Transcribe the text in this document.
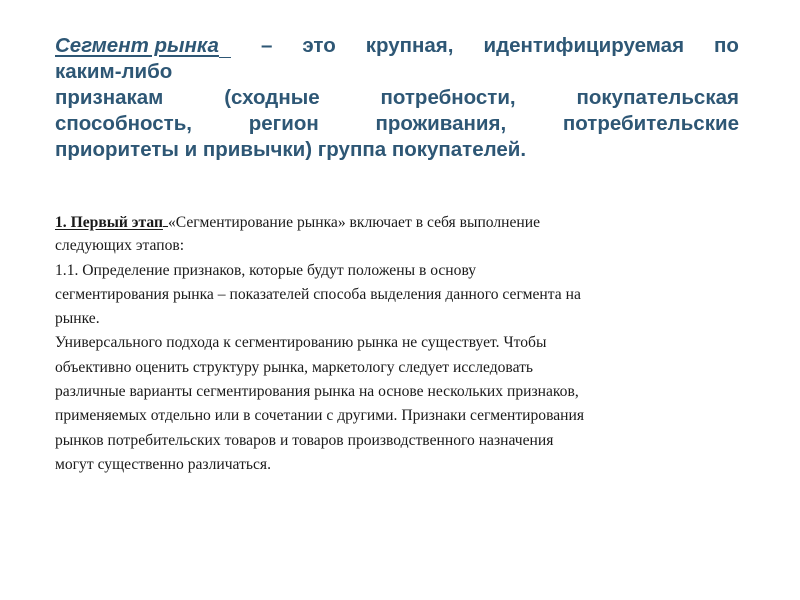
Сегмент рынка	– это крупная, идентифицируемая по
каким-либо
признакам	(сходные	потребности,	покупательская
способность,	регион	проживания,	потребительские
приоритеты и привычки) группа покупателей.
1. Первый этап «Сегментирование рынка» включает в себя выполнение
следующих этапов:
1.1. Определение признаков, которые будут положены в основу
сегментирования рынка – показателей способа выделения данного сегмента на
рынке.
Универсального подхода к сегментированию рынка не существует. Чтобы
объективно оценить структуру рынка, маркетологу следует исследовать
различные варианты сегментирования рынка на основе нескольких признаков,
применяемых отдельно или в сочетании с другими. Признаки сегментирования
рынков потребительских товаров и товаров производственного назначения
могут существенно различаться.
